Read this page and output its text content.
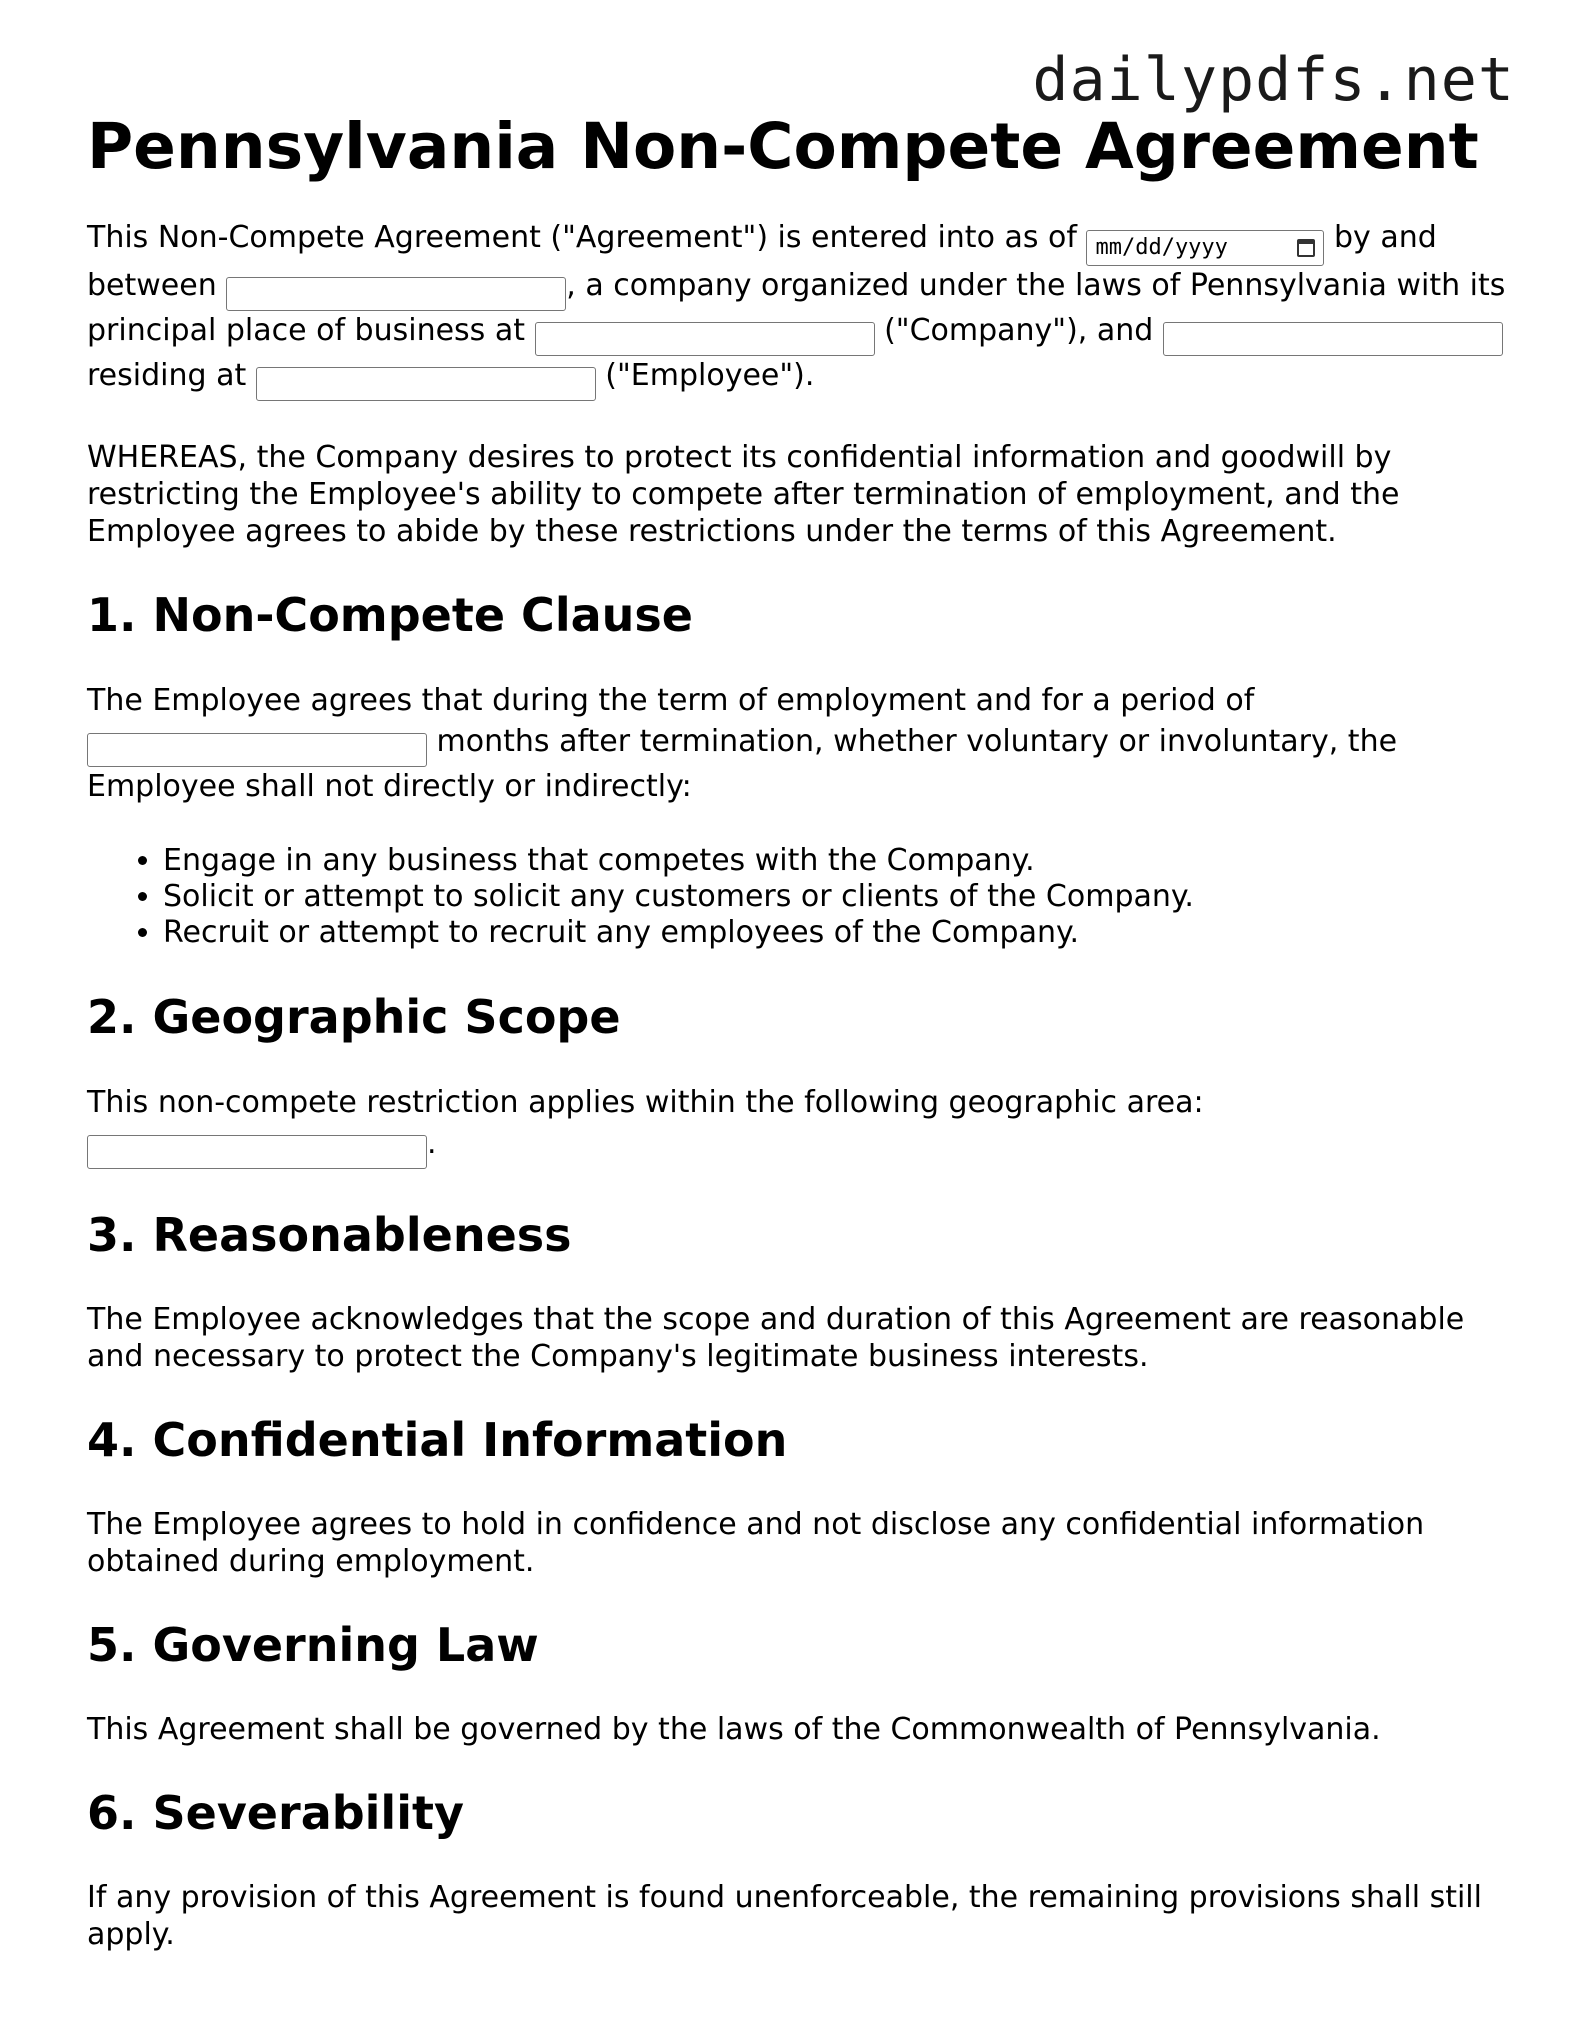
dailypdfs.net
Pennsylvania Non-Compete Agreement

This Non-Compete Agreement ("Agreement") is entered into as of mm/dd/yyyy	by and between	, a company organized under the laws of Pennsylvania with its principal place of business at	("Company"), and  residing at	("Employee").

WHEREAS, the Company desires to protect its confidential information and goodwill by restricting the Employee's ability to compete after termination of employment, and the Employee agrees to abide by these restrictions under the terms of this Agreement.

1. Non-Compete Clause

The Employee agrees that during the term of employment and for a period of  months after termination, whether voluntary or involuntary, the Employee shall not directly or indirectly:

• Engage in any business that competes with the Company.
• Solicit or attempt to solicit any customers or clients of the Company.
• Recruit or attempt to recruit any employees of the Company.
2. Geographic Scope

This non-compete restriction applies within the following geographic area: .

3. Reasonableness

The Employee acknowledges that the scope and duration of this Agreement are reasonable and necessary to protect the Company's legitimate business interests.

4. Confidential Information

The Employee agrees to hold in confidence and not disclose any confidential information obtained during employment.

5. Governing Law

This Agreement shall be governed by the laws of the Commonwealth of Pennsylvania.

6. Severability

If any provision of this Agreement is found unenforceable, the remaining provisions shall still apply.
